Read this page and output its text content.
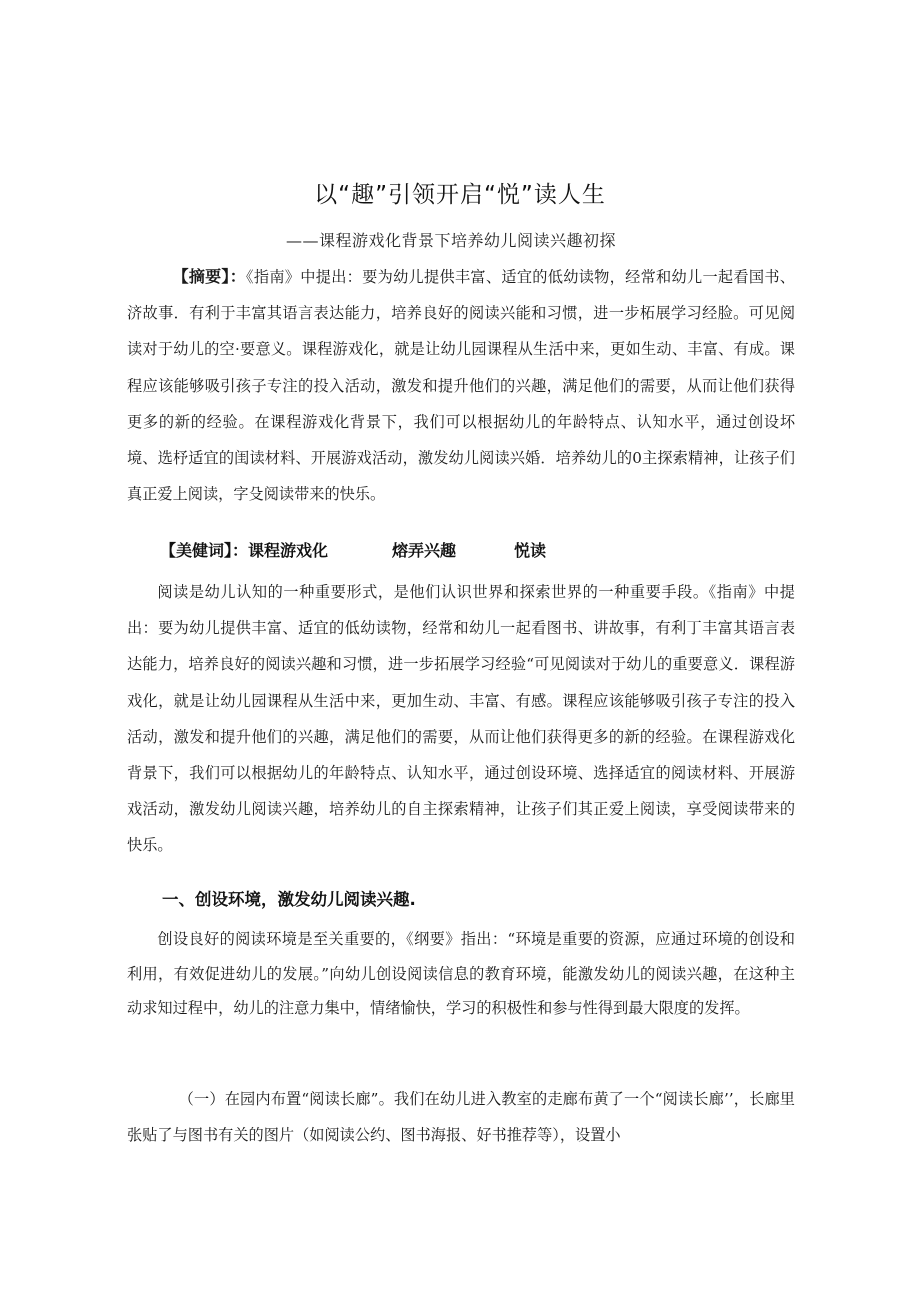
以“趣”引领开启“悦”读人生
——课程游戏化背景下培养幼儿阅读兴趣初探
【摘要】：《指南》中提出：要为幼儿提供丰富、适宜的低幼读物，经常和幼儿一起看国书、济故事．有利于丰富其语言表达能力，培养良好的阅读兴能和习惯，进一步柘展学习经脸。可见阅读对于幼儿的空·要意义。课程游戏化，就是让幼儿园课程从生活中来，更如生动、丰富、有成。课程应该能够吸引孩子专注的投入活动，激发和提升他们的兴趣，满足他们的需要，从而让他们获得更多的新的经验。在课程游戏化背景下，我们可以根据幼儿的年龄特点、认知水平，通过创设坏境、选杼适宜的闺读材料、开展游戏活动，激发幼儿阅读兴婚．培养幼儿的0主探索精神，让孩子们真正爱上阅读，字殳阅读带来的快乐。
【美健词】：课程游戏化	熔弄兴趣	悦读
阅读是幼儿认知的一种重要形式，是他们认识世界和探索世界的一种重要手段。《指南》中提出：要为幼儿提供丰富、适宜的低幼读物，经常和幼儿一起看图书、讲故事，有利丁丰富其语言表达能力，培养良好的阅读兴趣和习惯，进一步拓展学习经验“可见阅读对于幼儿的重要意义．课程游戏化，就是让幼儿园课程从生活中来，更加生动、丰富、有感。课程应该能够吸引孩子专注的投入活动，激发和提升他们的兴趣，满足他们的需要，从而让他们获得更多的新的经验。在课程游戏化背景下，我们可以根据幼儿的年龄特点、认知水平，通过创设环境、选择适宜的阅读材料、开展游戏活动，激发幼儿阅读兴趣，培养幼儿的自主探索精神，让孩子们其正爱上阅读，享受阅读带来的快乐。
一、创设环境，激发幼儿阅读兴趣.
创设良好的阅读环境是至关重要的，《纲要》指出：“环境是重要的资源，应通过环境的创设和利用，有效促进幼儿的发展。”向幼儿创设阅读信息的教育环境，能激发幼儿的阅读兴趣，在这种主动求知过程中，幼儿的注意力集中，情绪愉快，学习的积极性和参与性得到最大限度的发挥。
（一）在园内布置“阅读长廊”。我们在幼儿进入教室的走廊布黄了一个“阅读长廊’’，长廊里张贴了与图书有关的图片（如阅读公约、图书海报、好书推荐等），设置小
